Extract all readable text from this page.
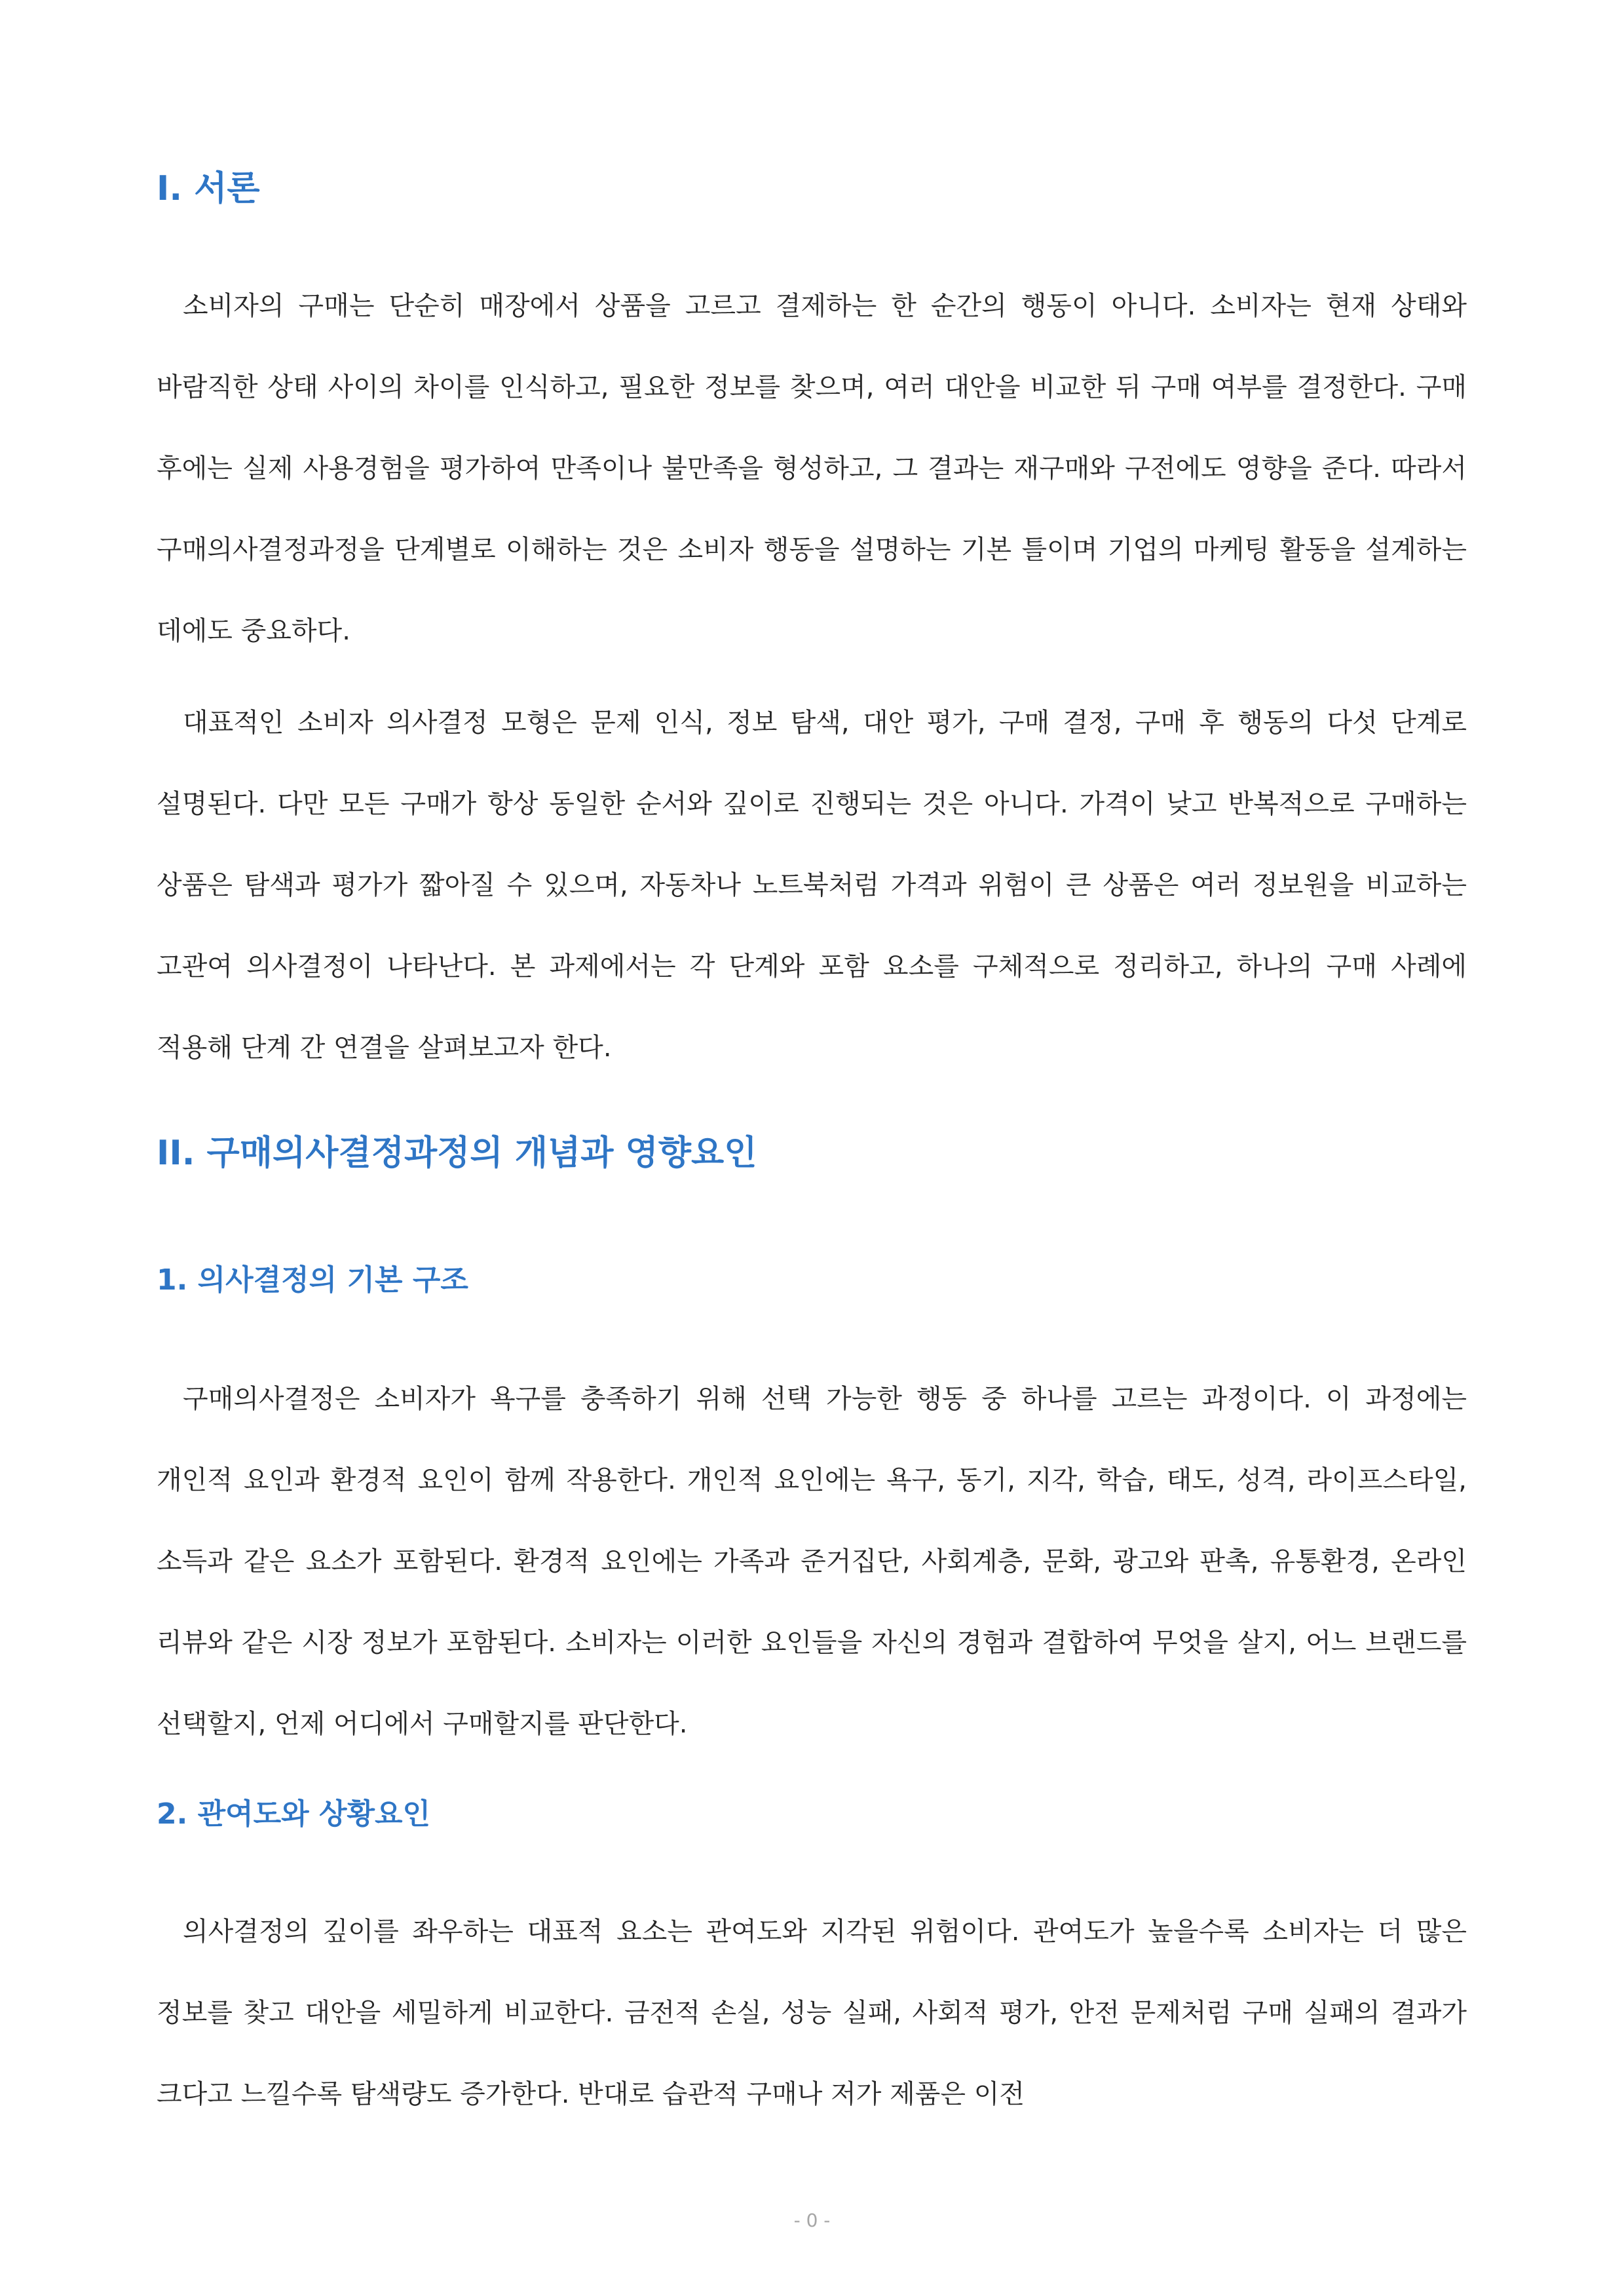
I. 서론

소비자의 구매는 단순히 매장에서 상품을 고르고 결제하는 한 순간의 행동이 아니다. 소비자는 현재 상태와 바람직한 상태 사이의 차이를 인식하고, 필요한 정보를 찾으며, 여러 대안을 비교한 뒤 구매 여부를 결정한다. 구매 후에는 실제 사용경험을 평가하여 만족이나 불만족을 형성하고, 그 결과는 재구매와 구전에도 영향을 준다. 따라서 구매의사결정과정을 단계별로 이해하는 것은 소비자 행동을 설명하는 기본 틀이며 기업의 마케팅 활동을 설계하는 데에도 중요하다.

대표적인 소비자 의사결정 모형은 문제 인식, 정보 탐색, 대안 평가, 구매 결정, 구매 후 행동의 다섯 단계로 설명된다. 다만 모든 구매가 항상 동일한 순서와 깊이로 진행되는 것은 아니다. 가격이 낮고 반복적으로 구매하는 상품은 탐색과 평가가 짧아질 수 있으며, 자동차나 노트북처럼 가격과 위험이 큰 상품은 여러 정보원을 비교하는 고관여 의사결정이 나타난다. 본 과제에서는 각 단계와 포함 요소를 구체적으로 정리하고, 하나의 구매 사례에 적용해 단계 간 연결을 살펴보고자 한다.

II. 구매의사결정과정의 개념과 영향요인
1. 의사결정의 기본 구조

구매의사결정은 소비자가 욕구를 충족하기 위해 선택 가능한 행동 중 하나를 고르는 과정이다. 이 과정에는 개인적 요인과 환경적 요인이 함께 작용한다. 개인적 요인에는 욕구, 동기, 지각, 학습, 태도, 성격, 라이프스타일, 소득과 같은 요소가 포함된다. 환경적 요인에는 가족과 준거집단, 사회계층, 문화, 광고와 판촉, 유통환경, 온라인 리뷰와 같은 시장 정보가 포함된다. 소비자는 이러한 요인들을 자신의 경험과 결합하여 무엇을 살지, 어느 브랜드를 선택할지, 언제 어디에서 구매할지를 판단한다.

2. 관여도와 상황요인

의사결정의 깊이를 좌우하는 대표적 요소는 관여도와 지각된 위험이다. 관여도가 높을수록 소비자는 더 많은 정보를 찾고 대안을 세밀하게 비교한다. 금전적 손실, 성능 실패, 사회적 평가, 안전 문제처럼 구매 실패의 결과가 크다고 느낄수록 탐색량도 증가한다. 반대로 습관적 구매나 저가 제품은 이전

- 0 -
